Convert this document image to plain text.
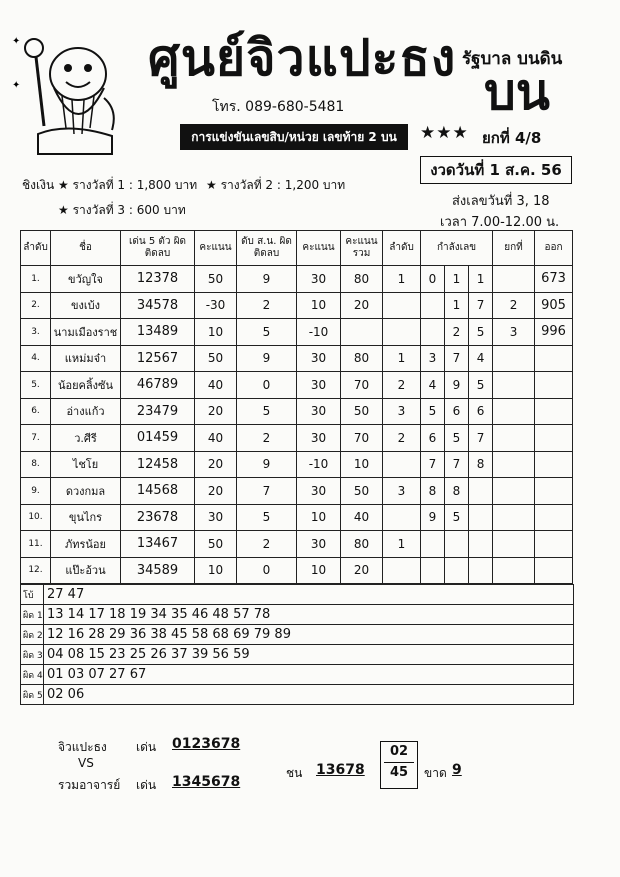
✦
✦	ศูนย์จิวแปะธง
โทร. 089-680-5481
รัฐบาล บนดิน
บน
การแข่งขันเลขสิบ/หน่วย เลขท้าย 2 บน	★★★ ยกที่ 4/8
งวดวันที่ 1 ส.ค. 56
ส่งเลขวันที่ 3, 18
เวลา 7.00-12.00 น.
ชิงเงิน ★ รางวัลที่ 1 : 1,800 บาท ★ รางวัลที่ 2 : 1,200 บาท
★ รางวัลที่ 3 : 600 บาท
ลำดับ	ชื่อ	เด่น 5 ตัว ผิดติดลบ	คะแนน	ดับ ส.น. ผิดติดลบ	คะแนน	คะแนน รวม	ลำดับ	กำลังเลข			ยกที่	ออก	
1.	ขวัญใจ	12378	50	9	30	80	1	0	1	1		673	
2.	ขงเบ้ง	34578	-30	2	10	20			1	7	2	905	
3.	นามเมืองราช	13489	10	5	-10				2	5	3	996	
4.	แหม่มจ๋า	12567	50	9	30	80	1	3	7	4			
5.	น้อยคลิ้งซัน	46789	40	0	30	70	2	4	9	5			
6.	อ่างแก้ว	23479	20	5	30	50	3	5	6	6			
7.	ว.ศีรี	01459	40	2	30	70	2	6	5	7			
8.	ไชโย	12458	20	9	-10	10		7	7	8			
9.	ดวงกมล	14568	20	7	30	50	3	8	8				
10.	ขุนไกร	23678	30	5	10	40		9	5				
11.	ภัทรน้อย	13467	50	2	30	80	1						
12.	แป๊ะอ้วน	34589	10	0	10	20							
โบ้	27 47
ผิด 1	13 14 17 18 19 34 35 46 48 57 78
ผิด 2	12 16 28 29 36 38 45 58 68 69 79 89
ผิด 3	04 08 15 23 25 26 37 39 56 59
ผิด 4	01 03 07 27 67
ผิด 5	02 06
จิวแปะธง เด่น 0123678
VS
รวมอาจารย์ เด่น 1345678
ชน 13678
02
45	ขาด 9
